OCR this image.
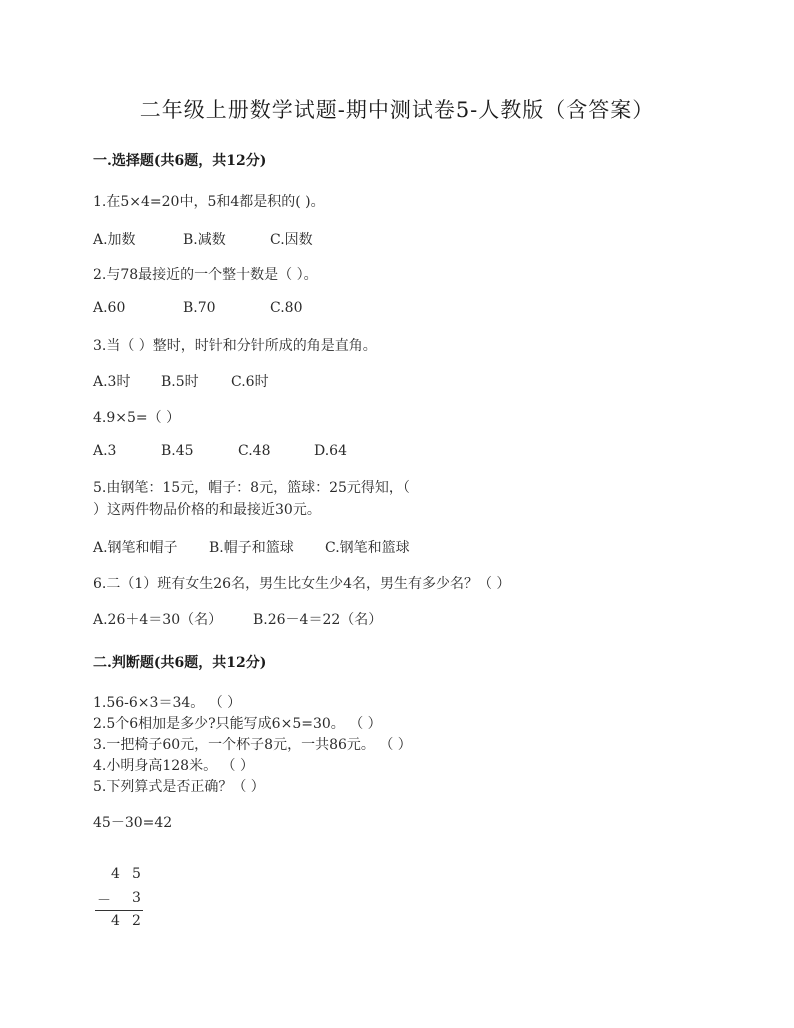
二年级上册数学试题-期中测试卷5-人教版（含答案）
一.选择题(共6题，共12分)
1.在5×4=20中，5和4都是积的( )。
A.加数	B.减数	C.因数
2.与78最接近的一个整十数是（ ）。
A.60	B.70	C.80
3.当（ ）整时，时针和分针所成的角是直角。
A.3时 B.5时 C.6时
4.9×5=（ ）
A.3	B.45	C.48	D.64
5.由钢笔：15元，帽子：8元，篮球：25元得知，（
）这两件物品价格的和最接近30元。
A.钢笔和帽子 B.帽子和篮球 C.钢笔和篮球
6.二（1）班有女生26名，男生比女生少4名，男生有多少名？（ ）
A.26＋4＝30（名） B.26－4＝22（名）
二.判断题(共6题，共12分)
1.56-6×3＝34。 （ ）
2.5个6相加是多少?只能写成6×5=30。 （ ）
3.一把椅子60元，一个杯子8元，一共86元。 （ ）
4.小明身高128米。 （ ）
5.下列算式是否正确？（ ）
45－30=42
4 5
－ 3
4 2
